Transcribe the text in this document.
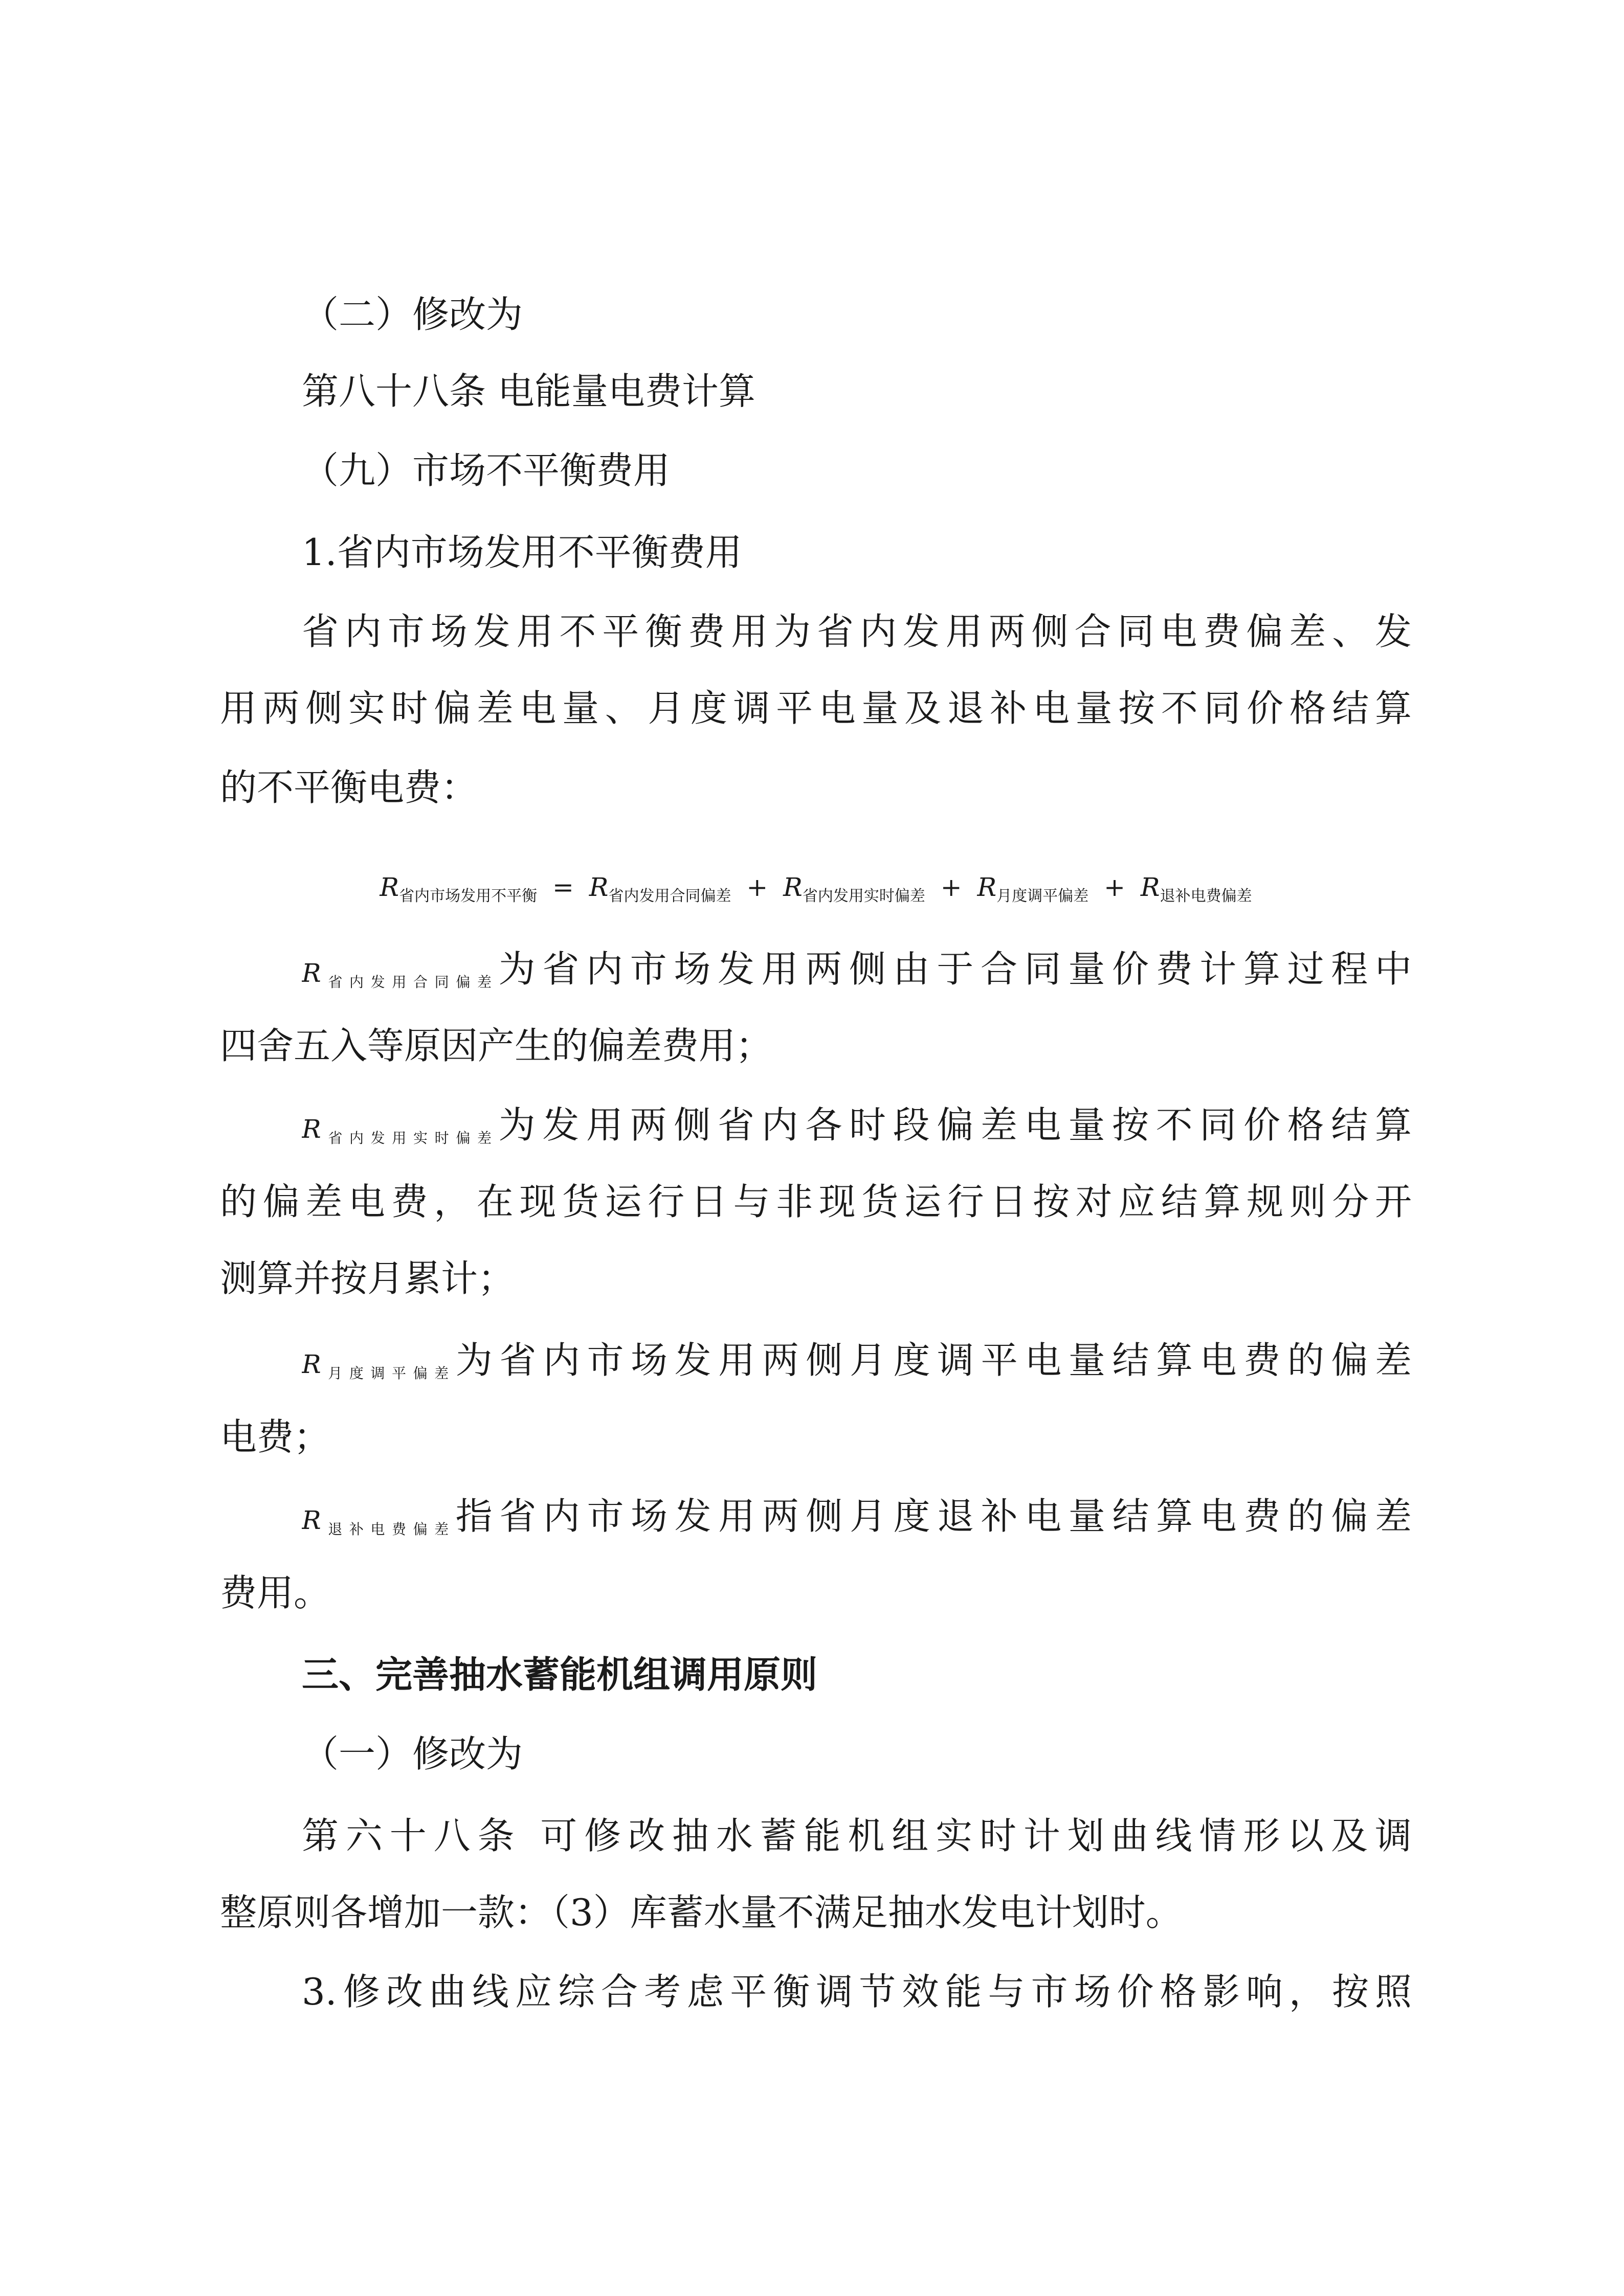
（二）修改为
第八十八条 电能量电费计算
（九）市场不平衡费用
1.省内市场发用不平衡费用
省内市场发用不平衡费用为省内发用两侧合同电费偏差、发
用两侧实时偏差电量、月度调平电量及退补电量按不同价格结算
的不平衡电费：
$R_{省内市场发用不平衡} = R_{省内发用合同偏差} + R_{省内发用实时偏差} + R_{月度调平偏差} + R_{退补电费偏差}$
$R_{省内发用合同偏差}$为省内市场发用两侧由于合同量价费计算过程中
四舍五入等原因产生的偏差费用；
$R_{省内发用实时偏差}$为发用两侧省内各时段偏差电量按不同价格结算
的偏差电费，在现货运行日与非现货运行日按对应结算规则分开
测算并按月累计；
$R_{月度调平偏差}$为省内市场发用两侧月度调平电量结算电费的偏差
电费；
$R_{退补电费偏差}$指省内市场发用两侧月度退补电量结算电费的偏差
费用。
三、完善抽水蓄能机组调用原则
（一）修改为
第六十八条 可修改抽水蓄能机组实时计划曲线情形以及调
整原则各增加一款：（3）库蓄水量不满足抽水发电计划时。
3.修改曲线应综合考虑平衡调节效能与市场价格影响，按照
